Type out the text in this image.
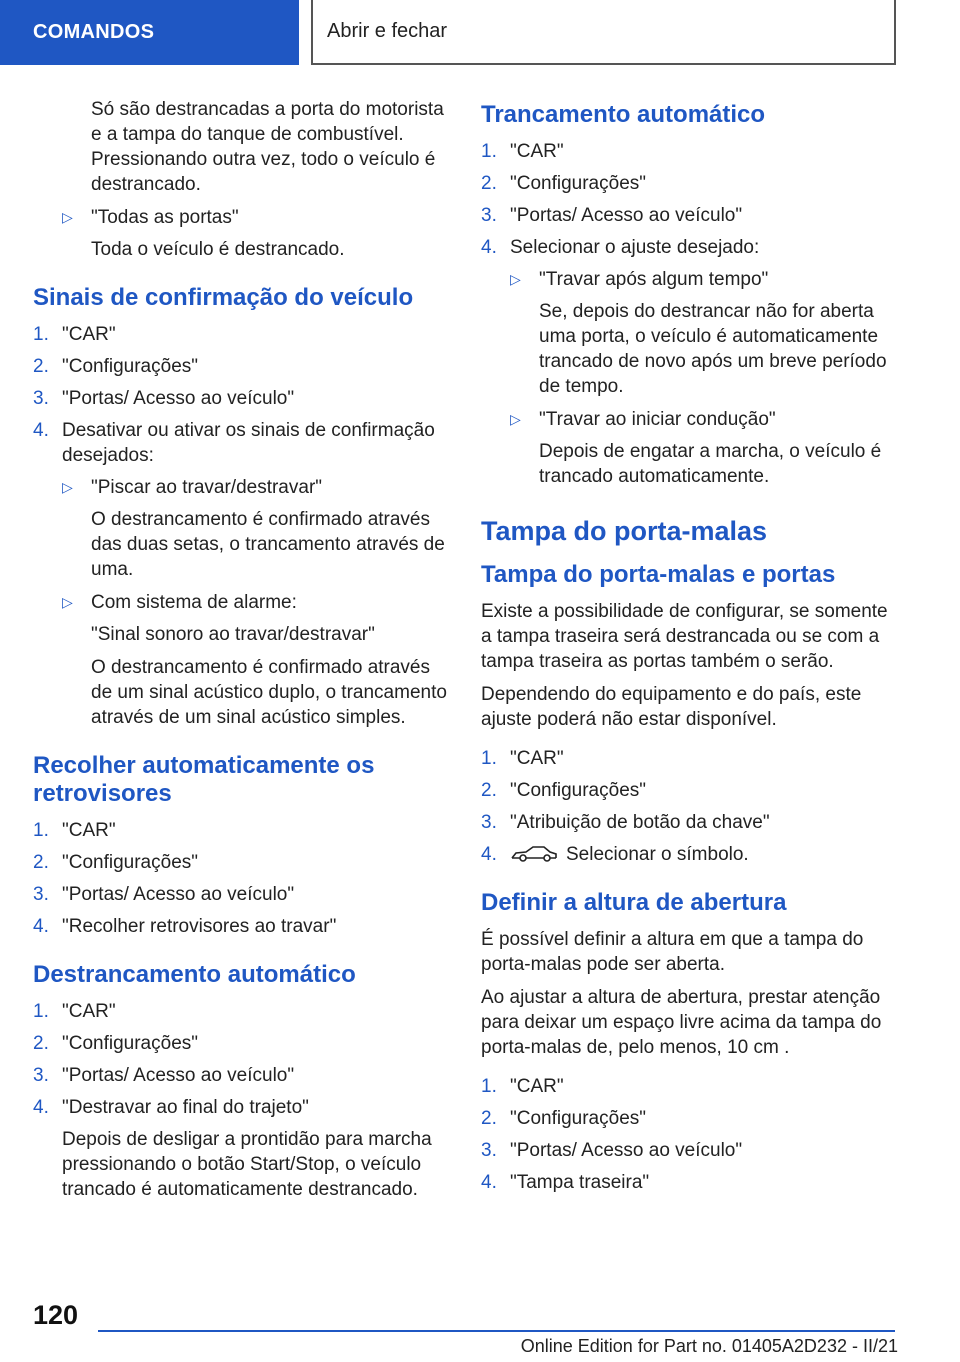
COMANDOS	Abrir e fechar

Só são destrancadas a porta do motorista e a tampa do tanque de combustível. Pressionando outra vez, todo o veículo é destrancado.

▷ "Todas as portas"
Toda o veículo é destrancado.
Sinais de confirmação do veículo
1. "CAR"
2. "Configurações"
3. "Portas/ Acesso ao veículo"
4. Desativar ou ativar os sinais de confirmação desejados:
▷ "Piscar ao travar/destravar"
O destrancamento é confirmado através das duas setas, o trancamento através de uma.
▷ Com sistema de alarme:
"Sinal sonoro ao travar/destravar"
O destrancamento é confirmado através de um sinal acústico duplo, o trancamento através de um sinal acústico simples.
Recolher automaticamente os retrovisores
1. "CAR"
2. "Configurações"
3. "Portas/ Acesso ao veículo"
4. "Recolher retrovisores ao travar"
Destrancamento automático
1. "CAR"
2. "Configurações"
3. "Portas/ Acesso ao veículo"
4. "Destravar ao final do trajeto"
Depois de desligar a prontidão para marcha pressionando o botão Start/Stop, o veículo trancado é automaticamente destrancado.
Trancamento automático
1. "CAR"
2. "Configurações"
3. "Portas/ Acesso ao veículo"
4. Selecionar o ajuste desejado:
▷ "Travar após algum tempo"
Se, depois do destrancar não for aberta uma porta, o veículo é automaticamente trancado de novo após um breve período de tempo.
▷ "Travar ao iniciar condução"
Depois de engatar a marcha, o veículo é trancado automaticamente.
Tampa do porta-malas
Tampa do porta-malas e portas

Existe a possibilidade de configurar, se somente a tampa traseira será destrancada ou se com a tampa traseira as portas também o serão.

Dependendo do equipamento e do país, este ajuste poderá não estar disponível.

1. "CAR"
2. "Configurações"
3. "Atribuição de botão da chave"
4.	Selecionar o símbolo.
Definir a altura de abertura

É possível definir a altura em que a tampa do porta-malas pode ser aberta.

Ao ajustar a altura de abertura, prestar atenção para deixar um espaço livre acima da tampa do porta-malas de, pelo menos, 10 cm .

1. "CAR"
2. "Configurações"
3. "Portas/ Acesso ao veículo"
4. "Tampa traseira"
120
Online Edition for Part no. 01405A2D232 - II/21
